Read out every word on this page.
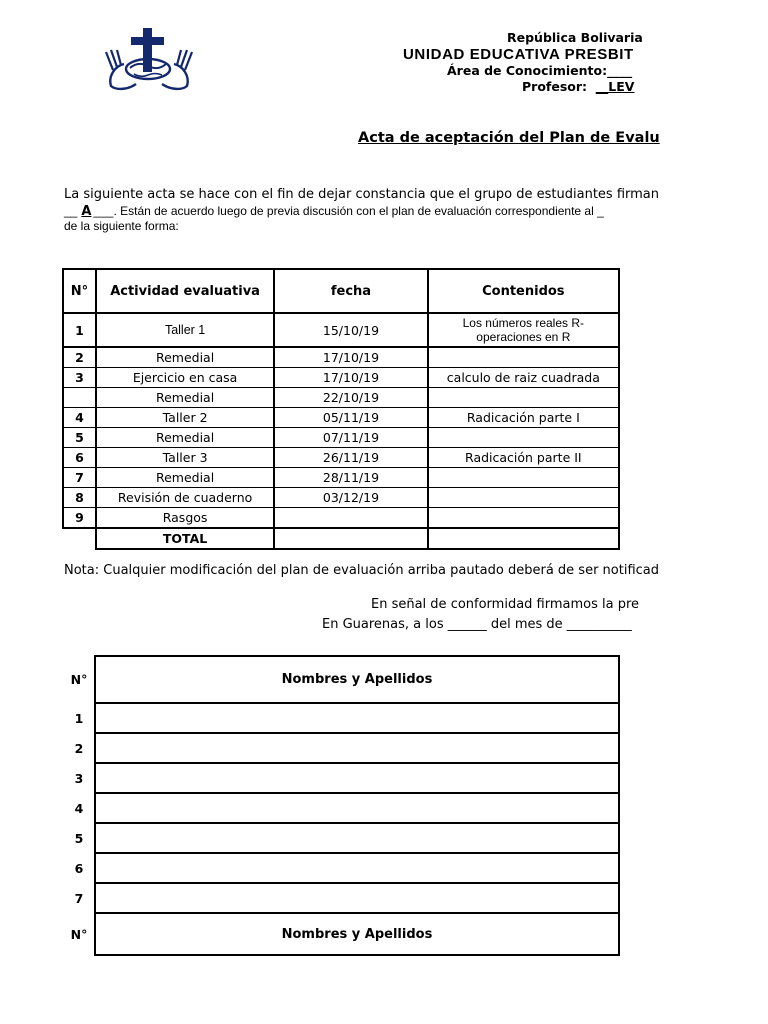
República Bolivaria
UNIDAD EDUCATIVA PRESBIT
Área de Conocimiento:____
Profesor: __LEV
Acta de aceptación del Plan de Evalu
La siguiente acta se hace con el fin de dejar constancia que el grupo de estudiantes firman
__ A ___. Están de acuerdo luego de previa discusión con el plan de evaluación correspondiente al _
de la siguiente forma:
N°	Actividad evaluativa	fecha	Contenidos
1	Taller 1	15/10/19	Los números reales R-
operaciones en R

2	Remedial	17/10/19	
3	Ejercicio en casa	17/10/19	calculo de raiz cuadrada
	Remedial	22/10/19	
4	Taller 2	05/11/19	Radicación parte I
5	Remedial	07/11/19	
6	Taller 3	26/11/19	Radicación parte II
7	Remedial	28/11/19	
8	Revisión de cuaderno	03/12/19	
9	Rasgos		
	TOTAL		
Nota: Cualquier modificación del plan de evaluación arriba pautado deberá de ser notificad
En señal de conformidad firmamos la pre
En Guarenas, a los ______ del mes de __________
N°	Nombres y Apellidos
1	
2	
3	
4	
5	
6	
7	
N°	Nombres y Apellidos
